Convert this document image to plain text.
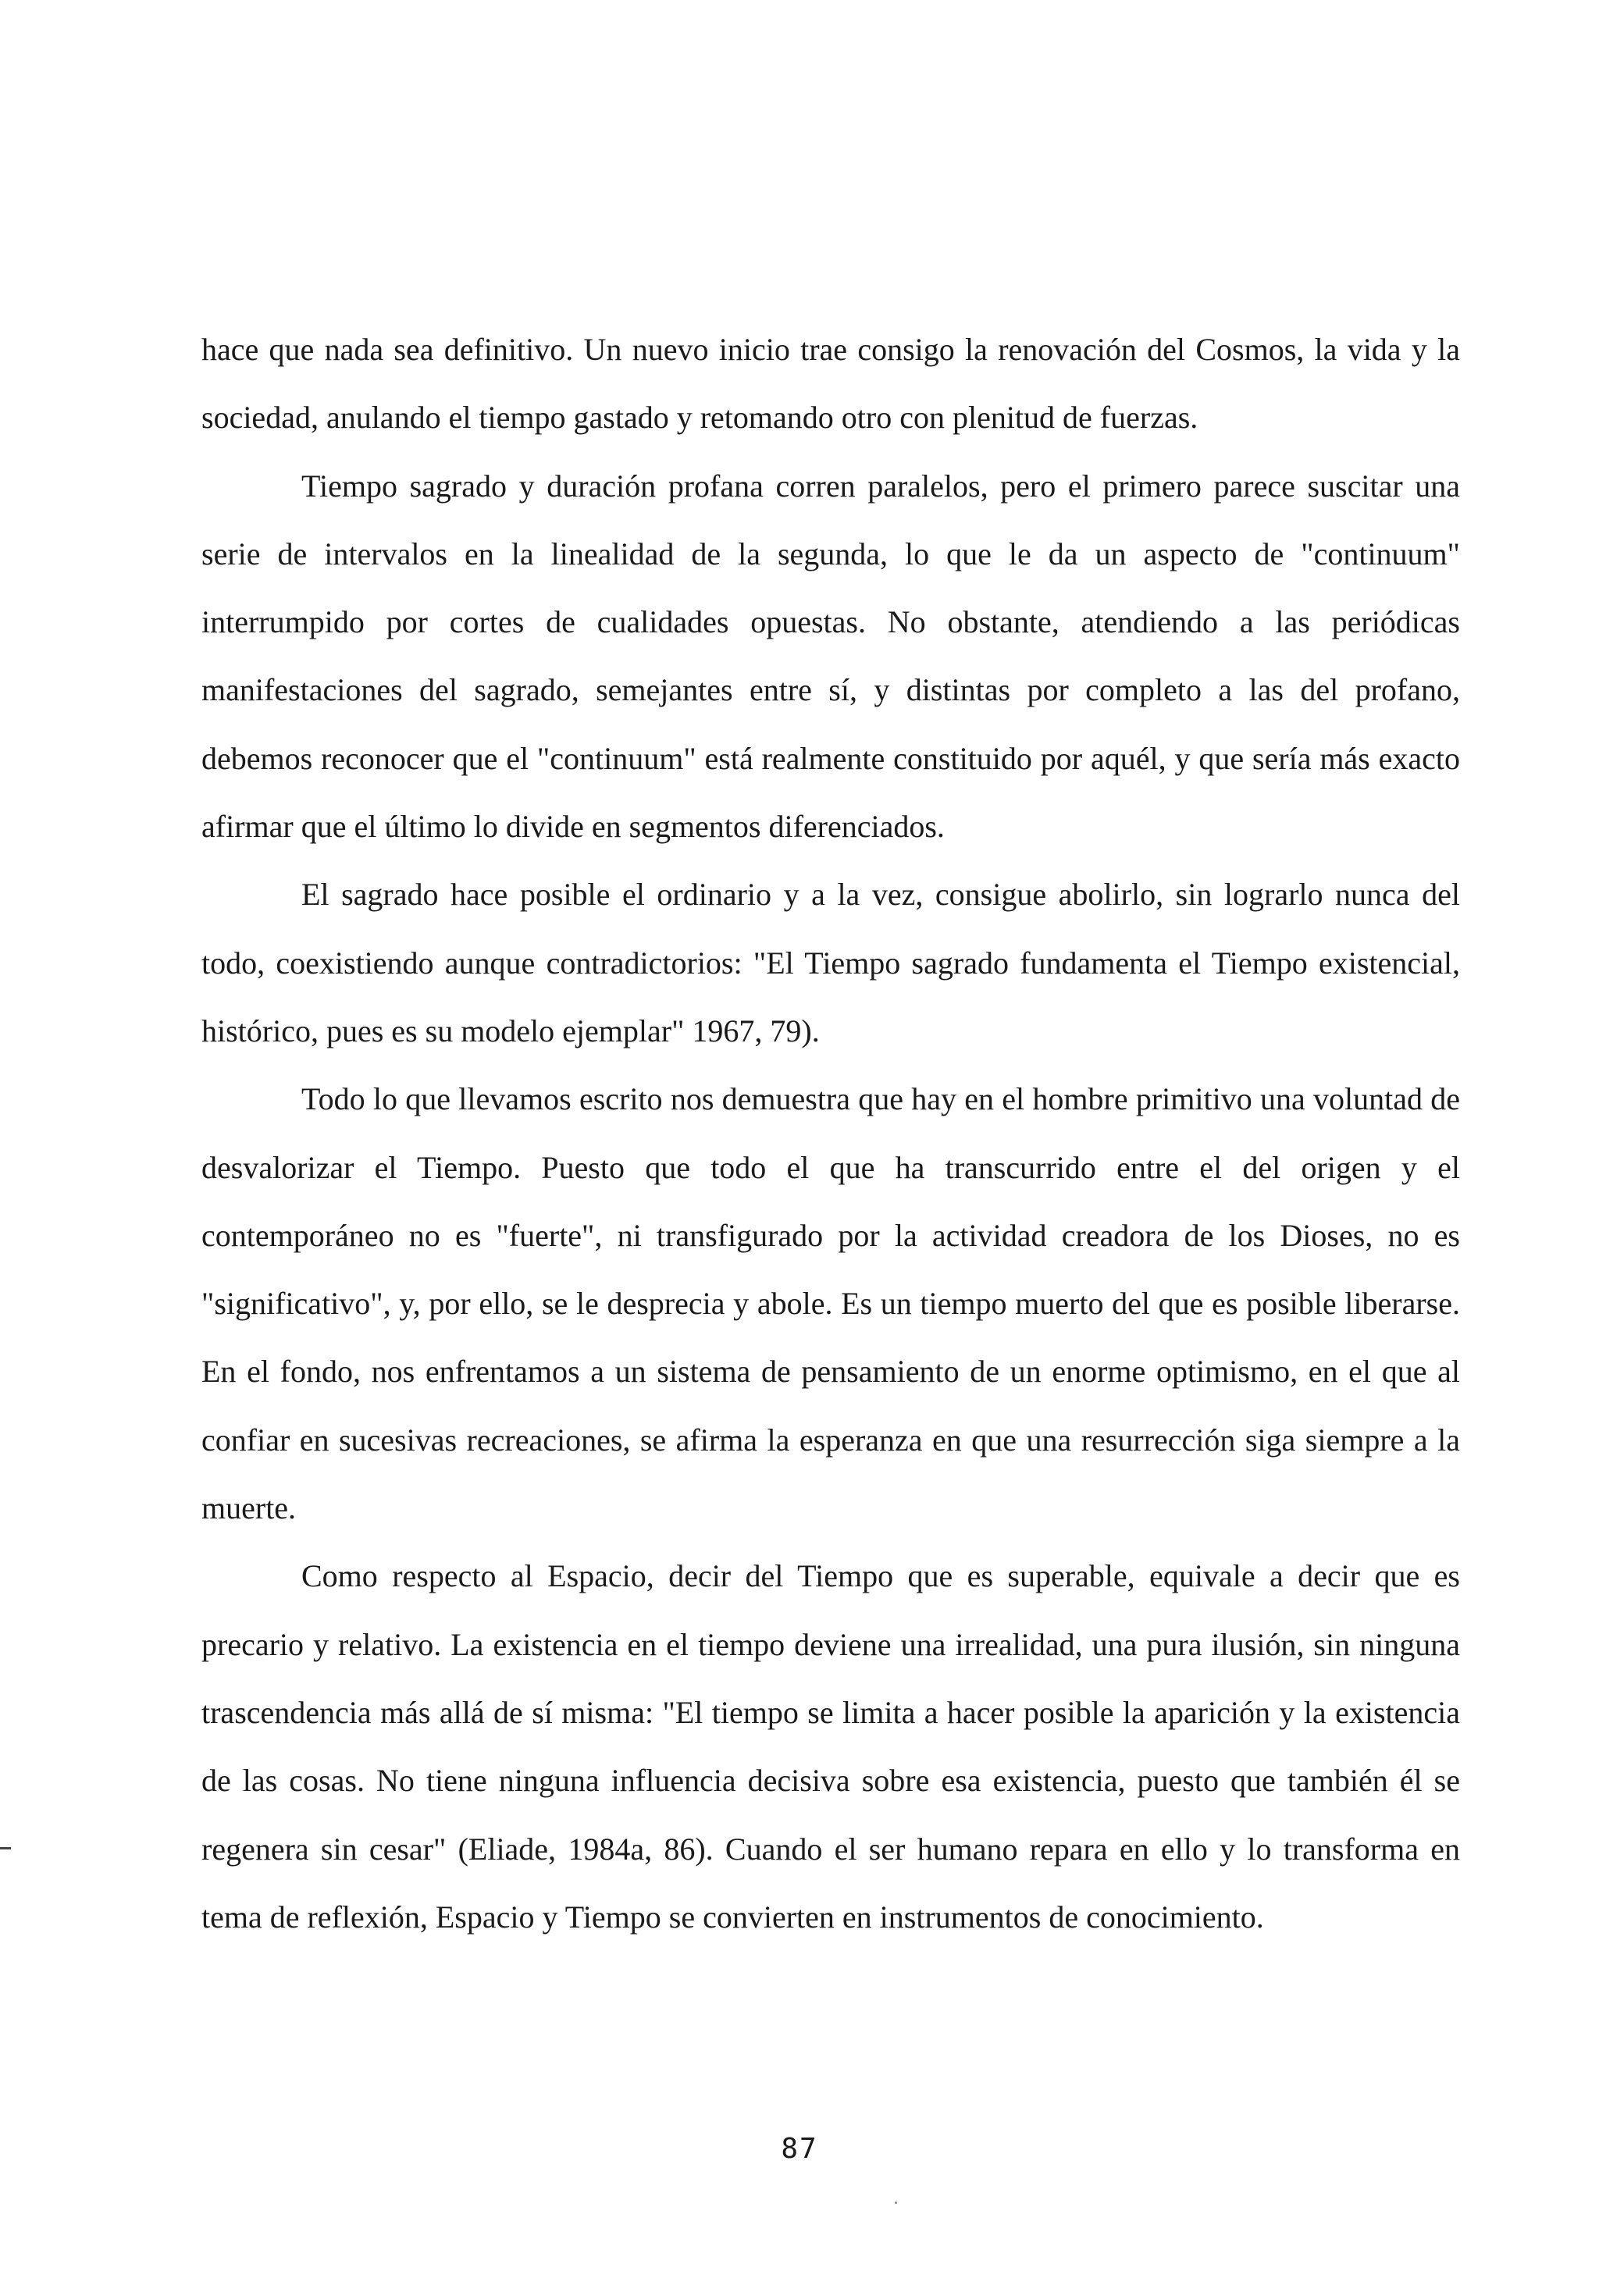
hace que nada sea definitivo. Un nuevo inicio trae consigo la renovación del Cosmos, la vida y la sociedad, anulando el tiempo gastado y retomando otro con plenitud de fuerzas.

Tiempo sagrado y duración profana corren paralelos, pero el primero parece suscitar una serie de intervalos en la linealidad de la segunda, lo que le da un aspecto de "continuum" interrumpido por cortes de cualidades opuestas. No obstante, atendiendo a las periódicas manifestaciones del sagrado, semejantes entre sí, y distintas por completo a las del profano, debemos reconocer que el "continuum" está realmente constituido por aquél, y que sería más exacto afirmar que el último lo divide en segmentos diferenciados.

El sagrado hace posible el ordinario y a la vez, consigue abolirlo, sin lograrlo nunca del todo, coexistiendo aunque contradictorios: "El Tiempo sagrado fundamenta el Tiempo existencial, histórico, pues es su modelo ejemplar" 1967, 79).

Todo lo que llevamos escrito nos demuestra que hay en el hombre primitivo una voluntad de desvalorizar el Tiempo. Puesto que todo el que ha transcurrido entre el del origen y el contemporáneo no es "fuerte", ni transfigurado por la actividad creadora de los Dioses, no es "significativo", y, por ello, se le desprecia y abole. Es un tiempo muerto del que es posible liberarse. En el fondo, nos enfrentamos a un sistema de pensamiento de un enorme optimismo, en el que al confiar en sucesivas recreaciones, se afirma la esperanza en que una resurrección siga siempre a la muerte.

Como respecto al Espacio, decir del Tiempo que es superable, equivale a decir que es precario y relativo. La existencia en el tiempo deviene una irrealidad, una pura ilusión, sin ninguna trascendencia más allá de sí misma: "El tiempo se limita a hacer posible la aparición y la existencia de las cosas. No tiene ninguna influencia decisiva sobre esa existencia, puesto que también él se regenera sin cesar" (Eliade, 1984a, 86). Cuando el ser humano repara en ello y lo transforma en tema de reflexión, Espacio y Tiempo se convierten en instrumentos de conocimiento.

87
